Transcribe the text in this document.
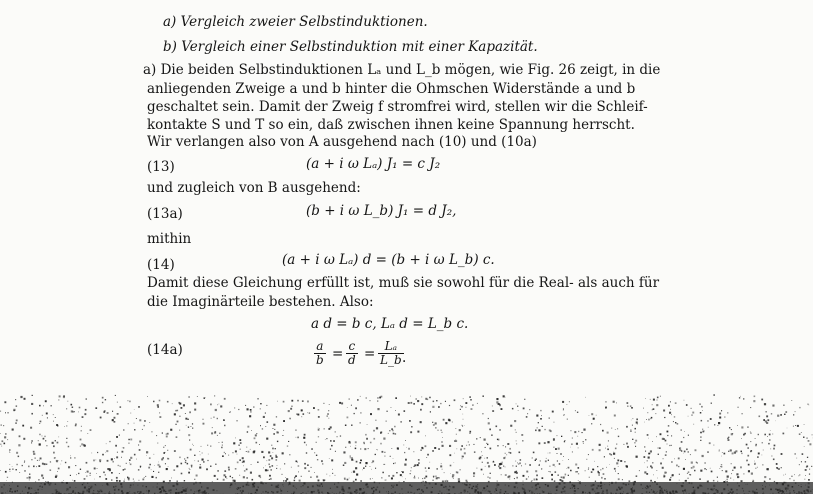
a) Vergleich zweier Selbstinduktionen.
b) Vergleich einer Selbstinduktion mit einer Kapazität.
a) Die beiden Selbstinduktionen Lₐ und L_b mögen, wie Fig. 26 zeigt, in die
anliegenden Zweige a und b hinter die Ohmschen Widerstände a und b
geschaltet sein. Damit der Zweig f stromfrei wird, stellen wir die Schleif-
kontakte S und T so ein, daß zwischen ihnen keine Spannung herrscht.
Wir verlangen also von A ausgehend nach (10) und (10a)
(13)	(a + i ω Lₐ) J₁ = c J₂
und zugleich von B ausgehend:
(13a)	(b + i ω L_b) J₁ = d J₂,
mithin
(14)	(a + i ω Lₐ) d = (b + i ω L_b) c.
Damit diese Gleichung erfüllt ist, muß sie sowohl für die Real- als auch für
die Imaginärteile bestehen. Also:
a d = b c, Lₐ d = L_b c.
(14a)	$\frac{a}{b} = \frac{c}{d} = \frac{\text{Lₐ}}{L\_b}$
.
